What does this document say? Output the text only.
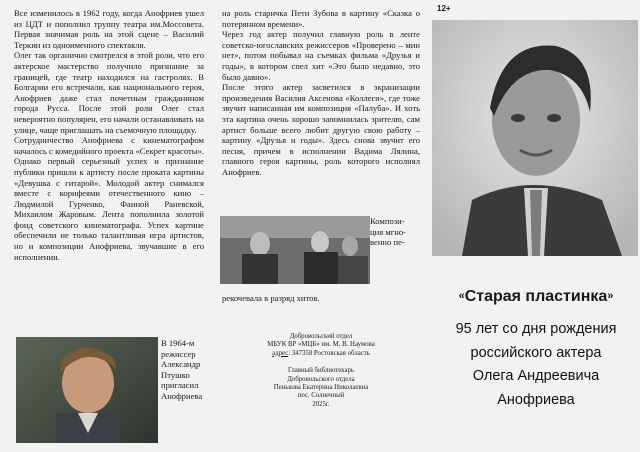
Все изменилось в 1962 году, когда Анофриев ушел из ЦДТ и пополнил труппу театра им.Моссовета. Первая значимая роль на этой сцене – Василий Теркин из одноименного спектакля.

Олег так органично смотрелся в этой роли, что его актерское мастерство получило признание за границей, где театр находился на гастролях. В Болгарии его встречали, как национального героя, Анофриев даже стал почетным гражданином города Русса. После этой роли Олег стал невероятно популярен, его начали останавливать на улице, чаще приглашать на съемочную площадку.

Сотрудничество Анофриева с кинематографом началось с комедийного проекта «Секрет красоты». Однако первый серьезный успех и признание публики пришли к артисту после проката картины «Девушка с гитарой». Молодой актер снимался вместе с корифеями отечественного кино – Людмилой Гурченко, Фаиной Раневской, Михаилом Жаровым. Лента пополнила золотой фонд советского кинематографа. Успех картине обеспечили не только талантливая игра артистов, но и композиции Анофриева, звучавшие в его исполнении.

В 1964-м режиссер Александр Птушко пригласил Анофриева

на роль старичка Пети Зубова в картину «Сказка о потерянном времени».

Через год актер получил главную роль в ленте советско-югославских режиссеров «Проверено – мин нет», потом побывал на съемках фильма «Друзья и годы», в котором спел хит «Это было недавно, это было давно».

После этого актер засветился в экранизации произведения Василия Аксенова «Коллеги», где тоже звучит написанная им композиция «Палуба». И хоть эта картина очень хорошо запомнилась зрителю, сам артист больше всего любит другую свою работу – картину «Друзья и годы». Здесь снова звучит его песня, причем в исполнении Вадима Лялина, главного героя картины, роль которого исполнял Анофриев.

Компози-
ция мгно-
венно пе-
рекочевала в разряд хитов.

Добровольский отдел

МБУК ВР «МЦБ» им. М. В. Наумова

адрес: 347358 Ростовская область

Главный библиотекарь

Добровольского отдела

Пенькова Екатерина Николаевна

пос. Солнечный

2025г.

12+
«Старая пластинка»
95 лет со дня рождения
российского актера
Олега Андреевича
Анофриева
